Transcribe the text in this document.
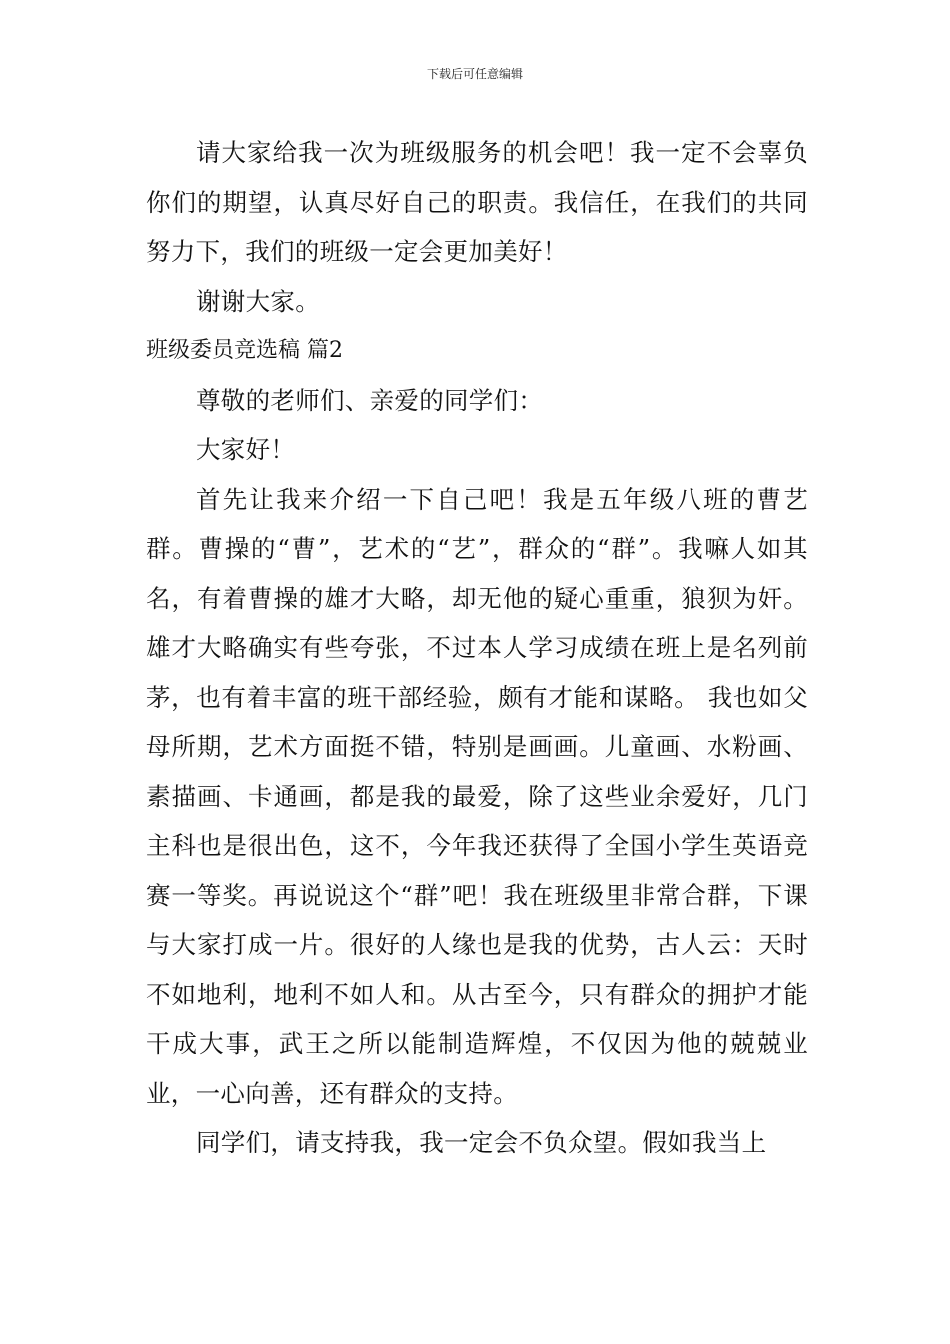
下载后可任意编辑

请大家给我一次为班级服务的机会吧！我一定不会辜负你们的期望，认真尽好自己的职责。我信任，在我们的共同努力下，我们的班级一定会更加美好！

谢谢大家。

班级委员竞选稿 篇2

尊敬的老师们、亲爱的同学们：

大家好！

首先让我来介绍一下自己吧！我是五年级八班的曹艺群。曹操的“曹”，艺术的“艺”，群众的“群”。我嘛人如其名，有着曹操的雄才大略，却无他的疑心重重，狼狈为奸。雄才大略确实有些夸张，不过本人学习成绩在班上是名列前茅，也有着丰富的班干部经验，颇有才能和谋略。 我也如父母所期，艺术方面挺不错，特别是画画。儿童画、水粉画、素描画、卡通画，都是我的最爱，除了这些业余爱好，几门主科也是很出色，这不，今年我还获得了全国小学生英语竞赛一等奖。再说说这个“群”吧！我在班级里非常合群，下课与大家打成一片。很好的人缘也是我的优势，古人云：天时不如地利，地利不如人和。从古至今，只有群众的拥护才能干成大事，武王之所以能制造辉煌，不仅因为他的兢兢业业，一心向善，还有群众的支持。

同学们，请支持我，我一定会不负众望。假如我当上
